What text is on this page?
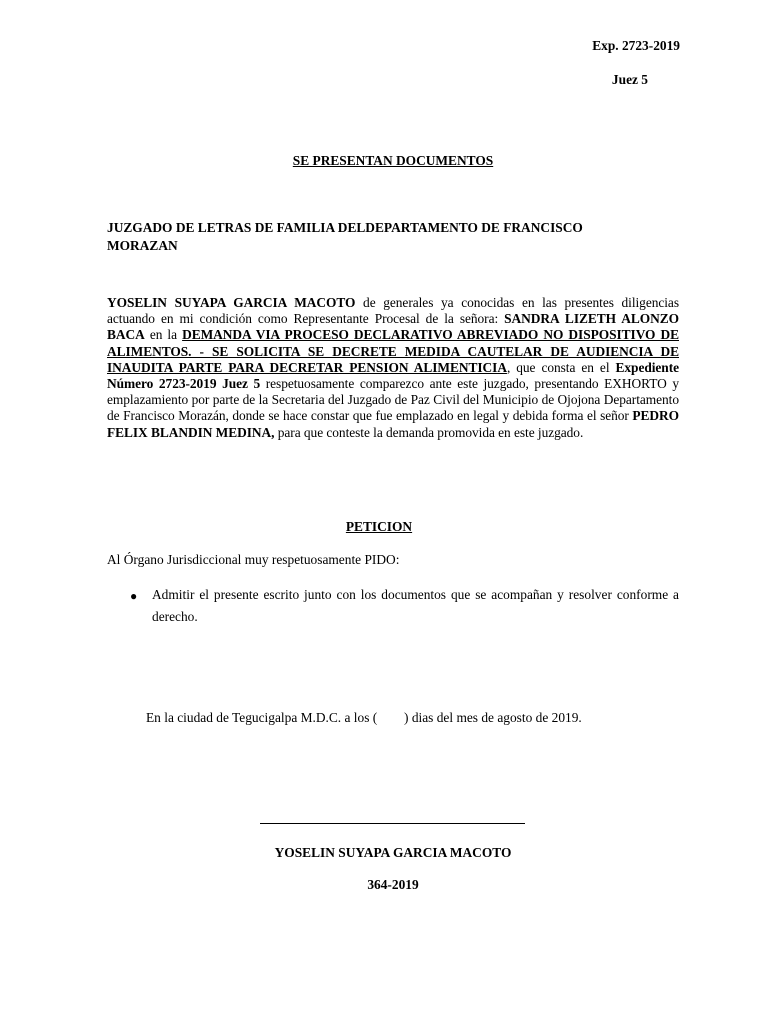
Exp. 2723-2019
Juez 5
SE PRESENTAN DOCUMENTOS
JUZGADO DE LETRAS DE FAMILIA DELDEPARTAMENTO DE FRANCISCO
MORAZAN
YOSELIN SUYAPA GARCIA MACOTO de generales ya conocidas en las presentes diligencias actuando en mi condición como Representante Procesal de la señora: SANDRA LIZETH ALONZO BACA en la DEMANDA VIA PROCESO DECLARATIVO ABREVIADO NO DISPOSITIVO DE ALIMENTOS. - SE SOLICITA SE DECRETE MEDIDA CAUTELAR DE AUDIENCIA DE INAUDITA PARTE PARA DECRETAR PENSION ALIMENTICIA, que consta en el Expediente Número 2723-2019 Juez 5 respetuosamente comparezco ante este juzgado, presentando EXHORTO y emplazamiento por parte de la Secretaria del Juzgado de Paz Civil del Municipio de Ojojona Departamento de Francisco Morazán, donde se hace constar que fue emplazado en legal y debida forma el señor PEDRO FELIX BLANDIN MEDINA, para que conteste la demanda promovida en este juzgado.
PETICION
Al Órgano Jurisdiccional muy respetuosamente PIDO:
● Admitir el presente escrito junto con los documentos que se acompañan y resolver conforme a derecho.
En la ciudad de Tegucigalpa M.D.C. a los (        ) dias del mes de agosto de 2019.
YOSELIN SUYAPA GARCIA MACOTO
364-2019
